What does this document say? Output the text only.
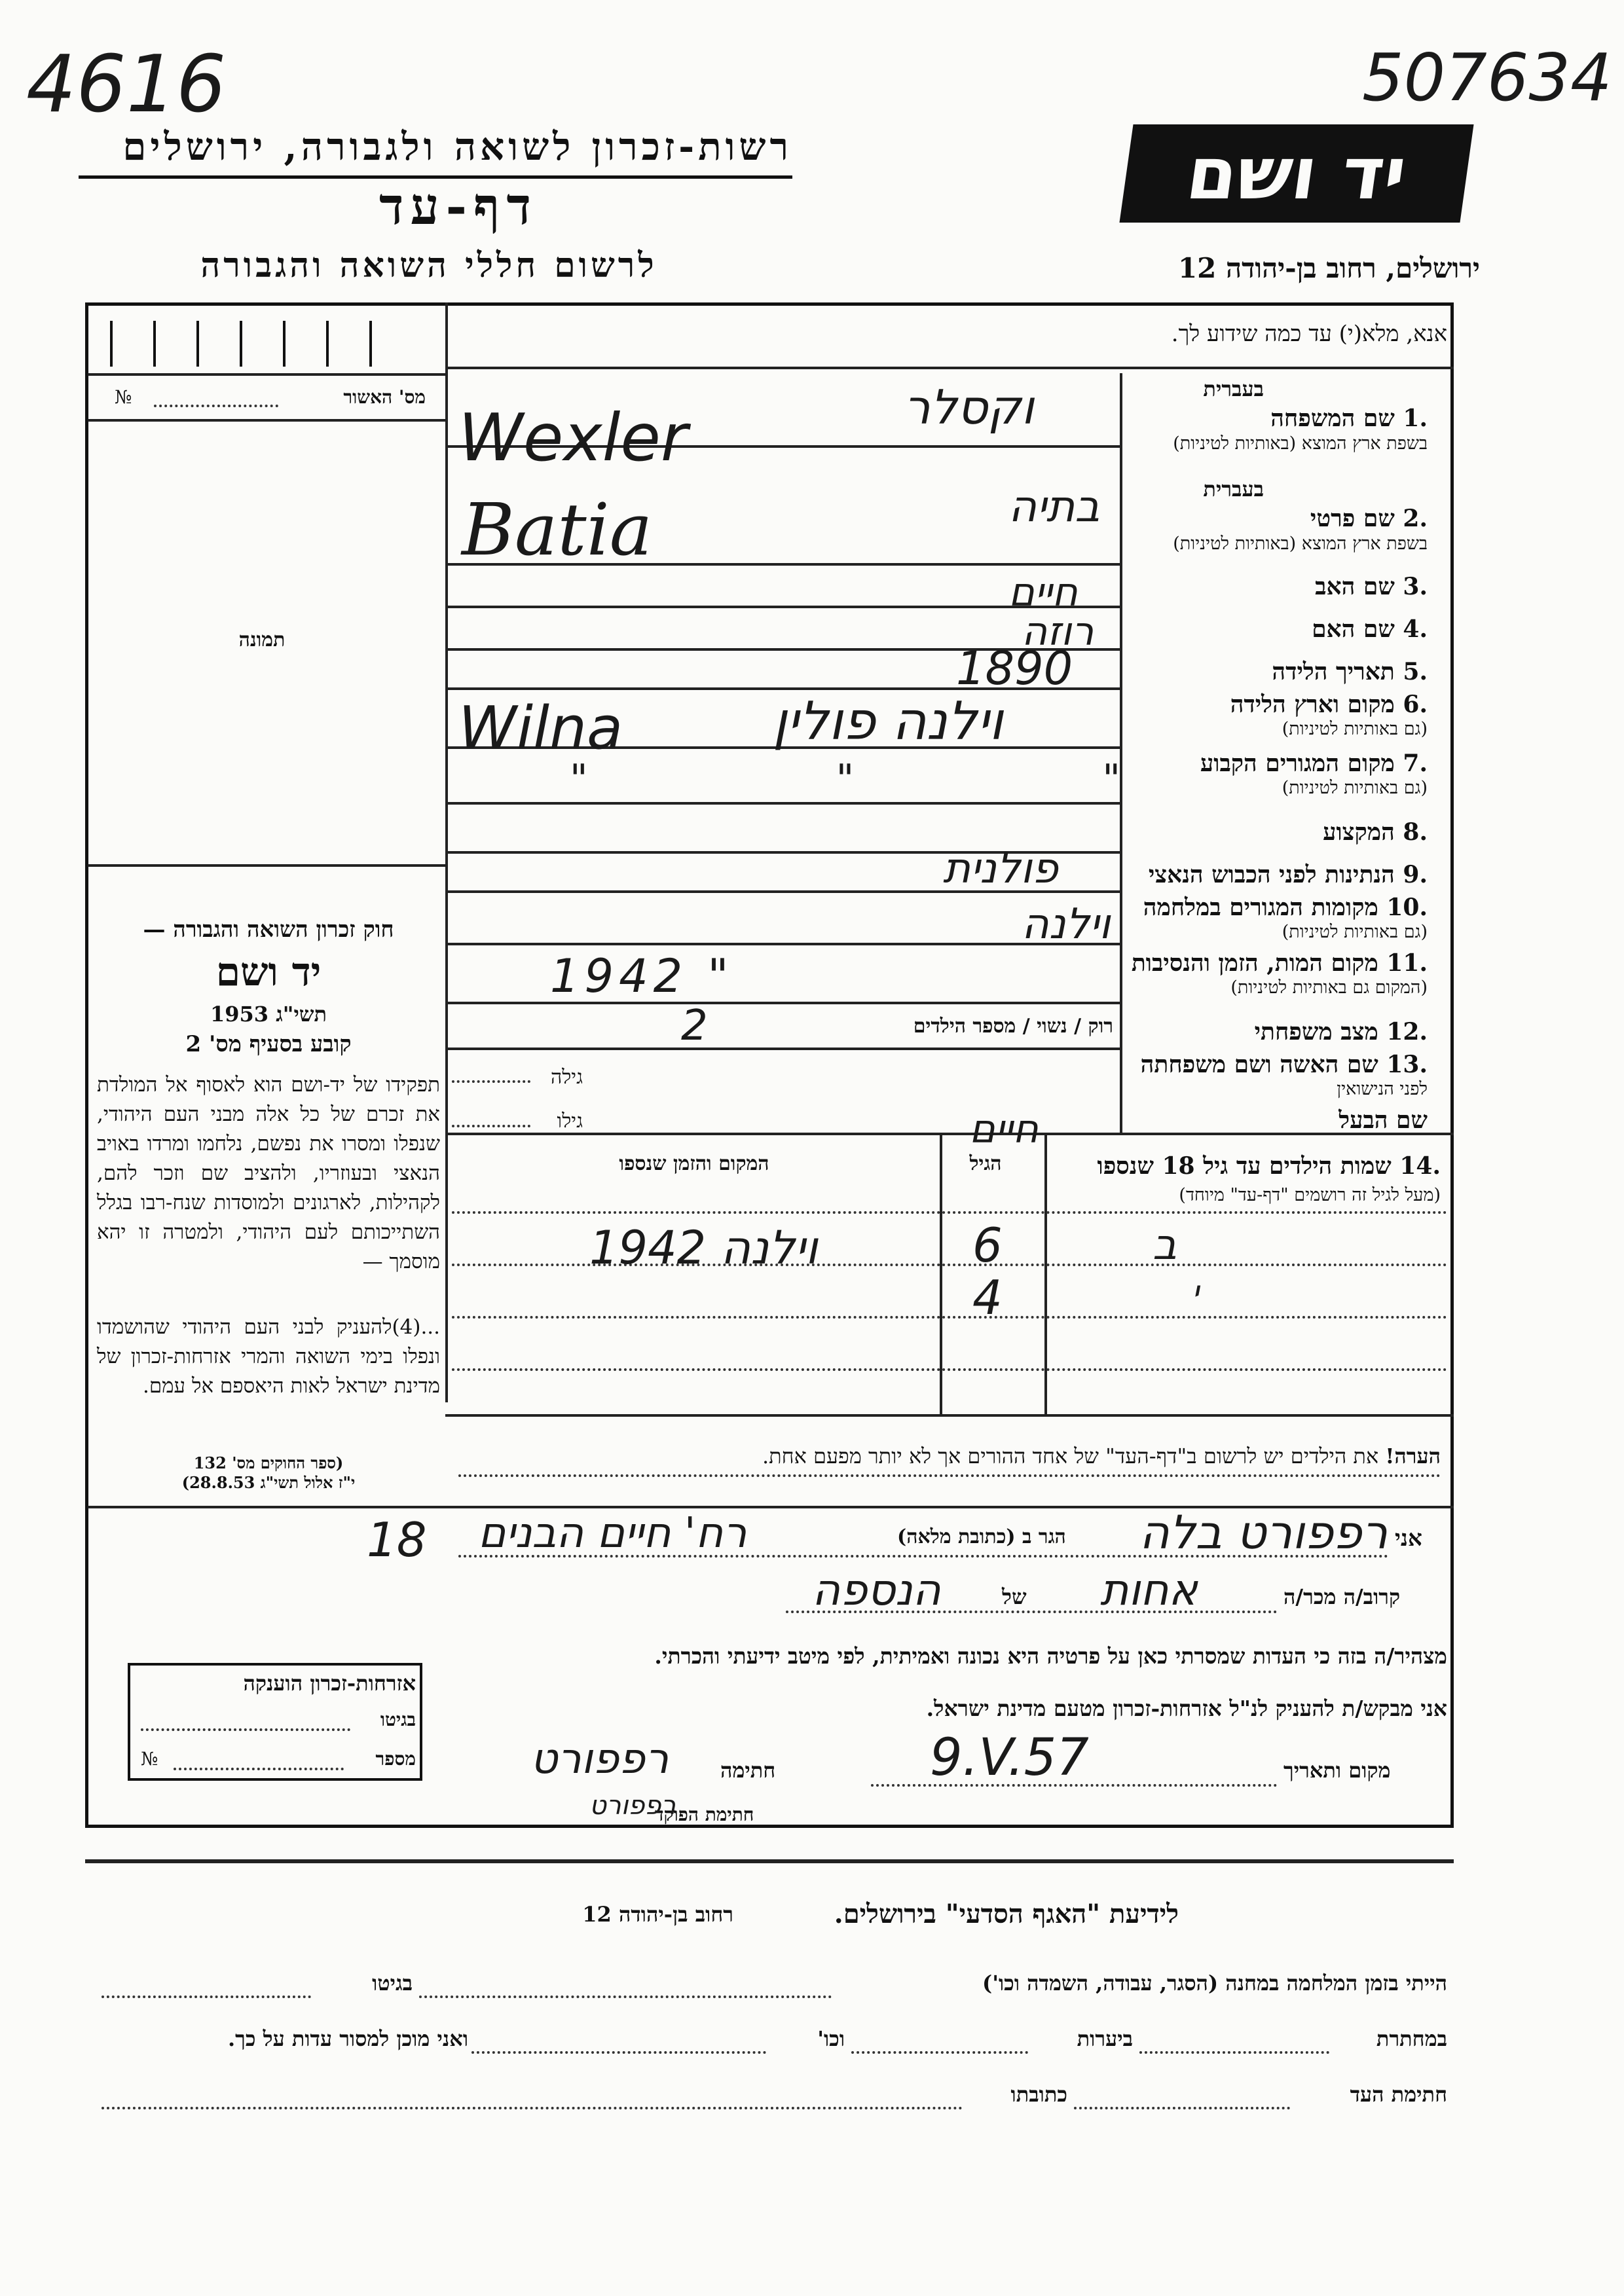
4616	507634
רשות-זכרון לשואה ולגבורה, ירושלים
דף-עד
לרשום חללי השואה והגבורה
יד ושם
ירושלים, רחוב בן-יהודה 12
אנא, מלא(י) עד כמה שידוע לך.
מס' האשור
№
תמונה
חוק זכרון השואה והגבורה —
יד ושם
תשי"ג 1953
קובע בסעיף מס' 2
תפקידו של יד-ושם הוא לאסוף אל המולדת את זכרם של כל אלה מבני העם היהודי, שנפלו ומסרו את נפשם, נלחמו ומרדו באויב הנאצי ובעוזריו, ולהציב שם וזכר להם, לקהילות, לארגונים ולמוסדות שנח-רבו בגלל השתייכותם לעם היהודי, ולמטרה זו יהא מוסמך —
...(4)להעניק לבני העם היהודי שהושמדו ונפלו בימי השואה והמרי אזרחות-זכרון של מדינת ישראל לאות היאספם אל עמם.
(ספר החוקים מס' 132
י"ז אלול תשי"ג 28.8.53)
בעברית
.1 שם המשפחה
בשפת ארץ המוצא (באותיות לטיניות)
בעברית
.2 שם פרטי
בשפת ארץ המוצא (באותיות לטיניות)
.3 שם האב
.4 שם האם
.5 תאריך הלידה
.6 מקום וארץ הלידה
(גם באותיות לטיניות)
.7 מקום המגורים הקבוע
(גם באותיות לטיניות)
.8 המקצוע
.9 הנתינות לפני הכבוש הנאצי
.10 מקומות המגורים במלחמה
(גם באותיות לטיניות)
.11 מקום המות, הזמן והנסיבות
(המקום גם באותיות לטיניות)
.12 מצב משפחתי
.13 שם האשה ושם משפחתה
לפני הנישואין
שם הבעל
רוק / נשוי / מספר הילדים
גילה
גילו
.14 שמות הילדים עד גיל 18 שנספו
(מעל לגיל זה רושמים "דף-עד" מיוחד)
הגיל
המקום והזמן שנספו
הערה! את הילדים יש לרשום ב"דף-העד" של אחד ההורים אך לא יותר מפעם אחת.
וקסלר
Wexler
בתיה
Batia
חיים
רוזה
1890
וילנה פולין
Wilna
" " "
פולנית
וילנה
1942 "
2
חיים
ב
6
וילנה 1942
י
4
אני
רפפורט בלה
הגר ב (כתובת מלאה)
רח' חיים הבנים
18
קרוב/ה מכר/ה
אחות
של
הנספה
מצהיר/ה בזה כי העדות שמסרתי כאן על פרטיה היא נכונה ואמיתית, לפי מיטב ידיעתי והכרתי.
אני מבקש/ת להעניק לנ"ל אזרחות-זכרון מטעם מדינת ישראל.
מקום ותאריך
9.V.57
חתימה
רפפורט
חתימת הפוקד
רפפורט
אזרחות-זכרון הוענקה
בגיטו
מספר
№
לידיעת "האגף הסדעי" בירושלים.
רחוב בן-יהודה 12
הייתי בזמן המלחמה במחנה (הסגר, עבודה, השמדה וכו')
בגיטו
במחתרת
ביערות
וכו'
ואני מוכן למסור עדות על כך.
חתימת העד
כתובתו
